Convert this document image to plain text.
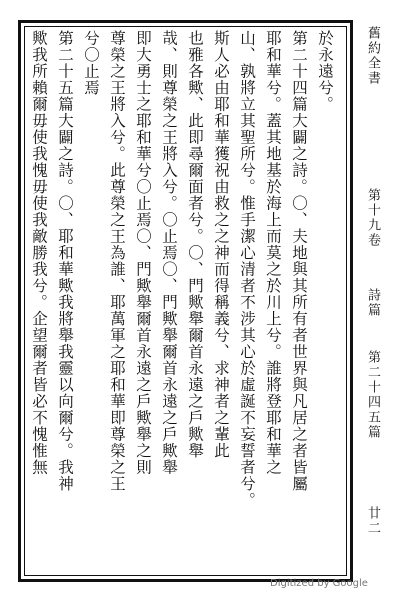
於永遠兮。
第二十四篇大闢之詩。〇、夫地與其所有者世界與凡居之者皆屬
耶和華兮。蓋其地基於海上而莫之於川上兮。誰將登耶和華之
山、孰將立其聖所兮。惟手潔心清者不涉其心於虛誕不妄誓者兮。
斯人必由耶和華獲祝由救之之神而得稱義兮、求神者之輩此
也雅各歟、此即尋爾面者兮。〇、門歟舉爾首永遠之戶歟舉
哉、則尊榮之王將入兮。〇止焉〇、門歟舉爾首永遠之戶歟舉
即大勇士之耶和華兮〇止焉〇、門歟舉爾首永遠之戶歟舉之則
尊榮之王將入兮。此尊榮之王為誰、耶萬軍之耶和華即尊榮之王
兮〇止焉
第二十五篇大闢之詩。〇、耶和華歟我將舉我靈以向爾兮。我神
歟我所賴爾毋使我愧毋使我敵勝我兮。企望爾者皆必不愧惟無	舊約全書
第十九卷
詩篇
第二十四五篇
廿二
Digitized by Google
